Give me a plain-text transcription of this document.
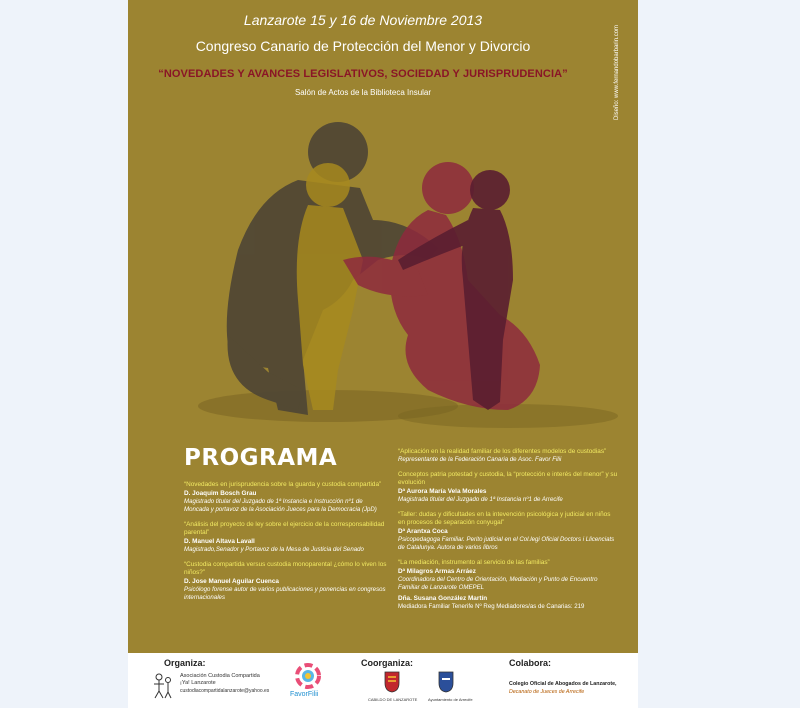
Lanzarote 15 y 16 de Noviembre 2013
Congreso Canario de Protección del Menor y Divorcio
“NOVEDADES Y AVANCES LEGISLATIVOS, SOCIEDAD Y JURISPRUDENCIA”
Salón de Actos de la Biblioteca Insular	Diseño: www.fernandobarbarin.com
PROGRAMA
“Novedades en jurisprudencia sobre la guarda y custodia compartida”
D. Joaquim Bosch Grau
Magistrado titular del Juzgado de 1ª Instancia e Instrucción nº1 de Moncada y portavoz de la Asociación Jueces para la Democracia (JpD)
“Análisis del proyecto de ley sobre el ejercicio de la corresponsabilidad parental”
D. Manuel Altava Lavall
Magistrado,Senador y Portavoz de la Mesa de Justicia del Senado
“Custodia compartida versus custodia monoparental ¿cómo lo viven los niños?”
D. Jose Manuel Aguilar Cuenca
Psicólogo forense autor de varios publicaciones y ponencias en congresos internacionales
“Aplicación en la realidad familiar de los diferentes modelos de custodias”
Representante de la Federación Canaria de Asoc. Favor Filii
Conceptos patria potestad y custodia, la “protección e interés del menor” y su evolución
Dª Aurora María Vela Morales
Magistrada titular del Juzgado de 1ª Instancia nº1 de Arrecife
“Taller: dudas y dificultades en la intevención psicológica y judicial en niños en procesos de separación conyugal”
Dª Arantxa Coca
Psicopedagoga Familiar. Perito judicial en el Col.legi Oficial Doctors i Llicenciats de Catalunya. Autora de varios libros
“La mediación, instrumento al servicio de las familias”
Dª Milagros Armas Arráez
Coordinadora del Centro de Orientación, Mediación y Punto de Encuentro Familiar de Lanzarote OMEPEL
Dña. Susana González Martín
Mediadora Familiar Tenerife Nº Reg Mediadores/as de Canarias: 219
Organiza:
Asociación Custodia Compartida ¡Ya! Lanzarote
custodiacompartidalanzarote@yahoo.es	FavorFilii
Coorganiza:
CABILDO DE LANZAROTE	Ayuntamiento de Arrecife
Colabora:
Colegio Oficial de Abogados de Lanzarote,
Decanato de Jueces de Arrecife
